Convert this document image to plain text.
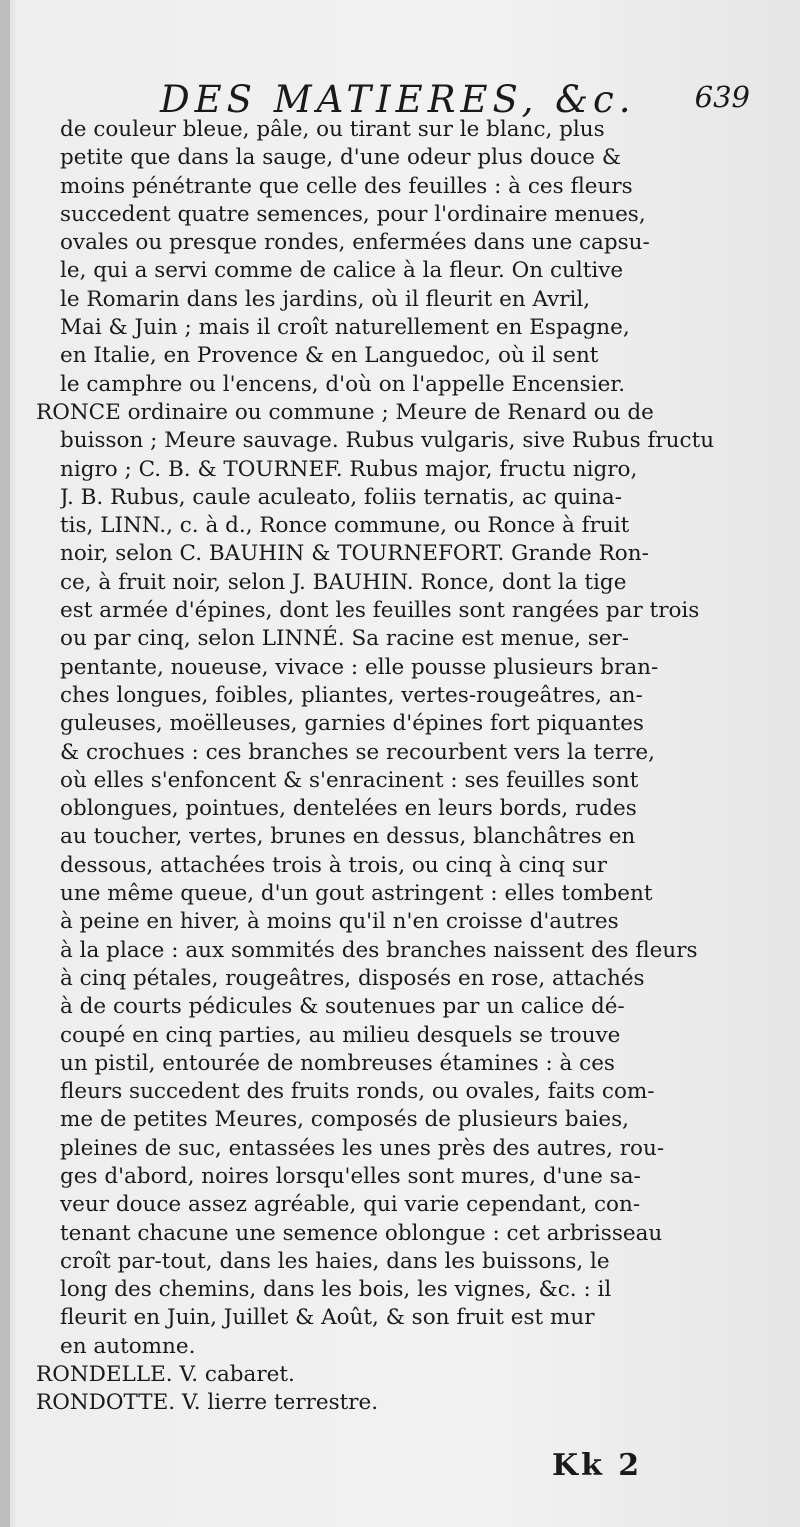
DES MATIERES, &c. 639
de couleur bleue, pâle, ou tirant sur le blanc, plus
petite que dans la sauge, d'une odeur plus douce &
moins pénétrante que celle des feuilles : à ces fleurs
succedent quatre semences, pour l'ordinaire menues,
ovales ou presque rondes, enfermées dans une capsu-
le, qui a servi comme de calice à la fleur. On cultive
le Romarin dans les jardins, où il fleurit en Avril,
Mai & Juin ; mais il croît naturellement en Espagne,
en Italie, en Provence & en Languedoc, où il sent
le camphre ou l'encens, d'où on l'appelle Encensier.
RONCE ordinaire ou commune ; Meure de Renard ou de
buisson ; Meure sauvage. Rubus vulgaris, sive Rubus fructu
nigro ; C. B. & TOURNEF. Rubus major, fructu nigro,
J. B. Rubus, caule aculeato, foliis ternatis, ac quina-
tis, LINN., c. à d., Ronce commune, ou Ronce à fruit
noir, selon C. BAUHIN & TOURNEFORT. Grande Ron-
ce, à fruit noir, selon J. BAUHIN. Ronce, dont la tige
est armée d'épines, dont les feuilles sont rangées par trois
ou par cinq, selon LINNÉ. Sa racine est menue, ser-
pentante, noueuse, vivace : elle pousse plusieurs bran-
ches longues, foibles, pliantes, vertes-rougeâtres, an-
guleuses, moëlleuses, garnies d'épines fort piquantes
& crochues : ces branches se recourbent vers la terre,
où elles s'enfoncent & s'enracinent : ses feuilles sont
oblongues, pointues, dentelées en leurs bords, rudes
au toucher, vertes, brunes en dessus, blanchâtres en
dessous, attachées trois à trois, ou cinq à cinq sur
une même queue, d'un gout astringent : elles tombent
à peine en hiver, à moins qu'il n'en croisse d'autres
à la place : aux sommités des branches naissent des fleurs
à cinq pétales, rougeâtres, disposés en rose, attachés
à de courts pédicules & soutenues par un calice dé-
coupé en cinq parties, au milieu desquels se trouve
un pistil, entourée de nombreuses étamines : à ces
fleurs succedent des fruits ronds, ou ovales, faits com-
me de petites Meures, composés de plusieurs baies,
pleines de suc, entassées les unes près des autres, rou-
ges d'abord, noires lorsqu'elles sont mures, d'une sa-
veur douce assez agréable, qui varie cependant, con-
tenant chacune une semence oblongue : cet arbrisseau
croît par-tout, dans les haies, dans les buissons, le
long des chemins, dans les bois, les vignes, &c. : il
fleurit en Juin, Juillet & Août, & son fruit est mur
en automne.
RONDELLE. V. cabaret.
RONDOTTE. V. lierre terrestre.
Kk 2
